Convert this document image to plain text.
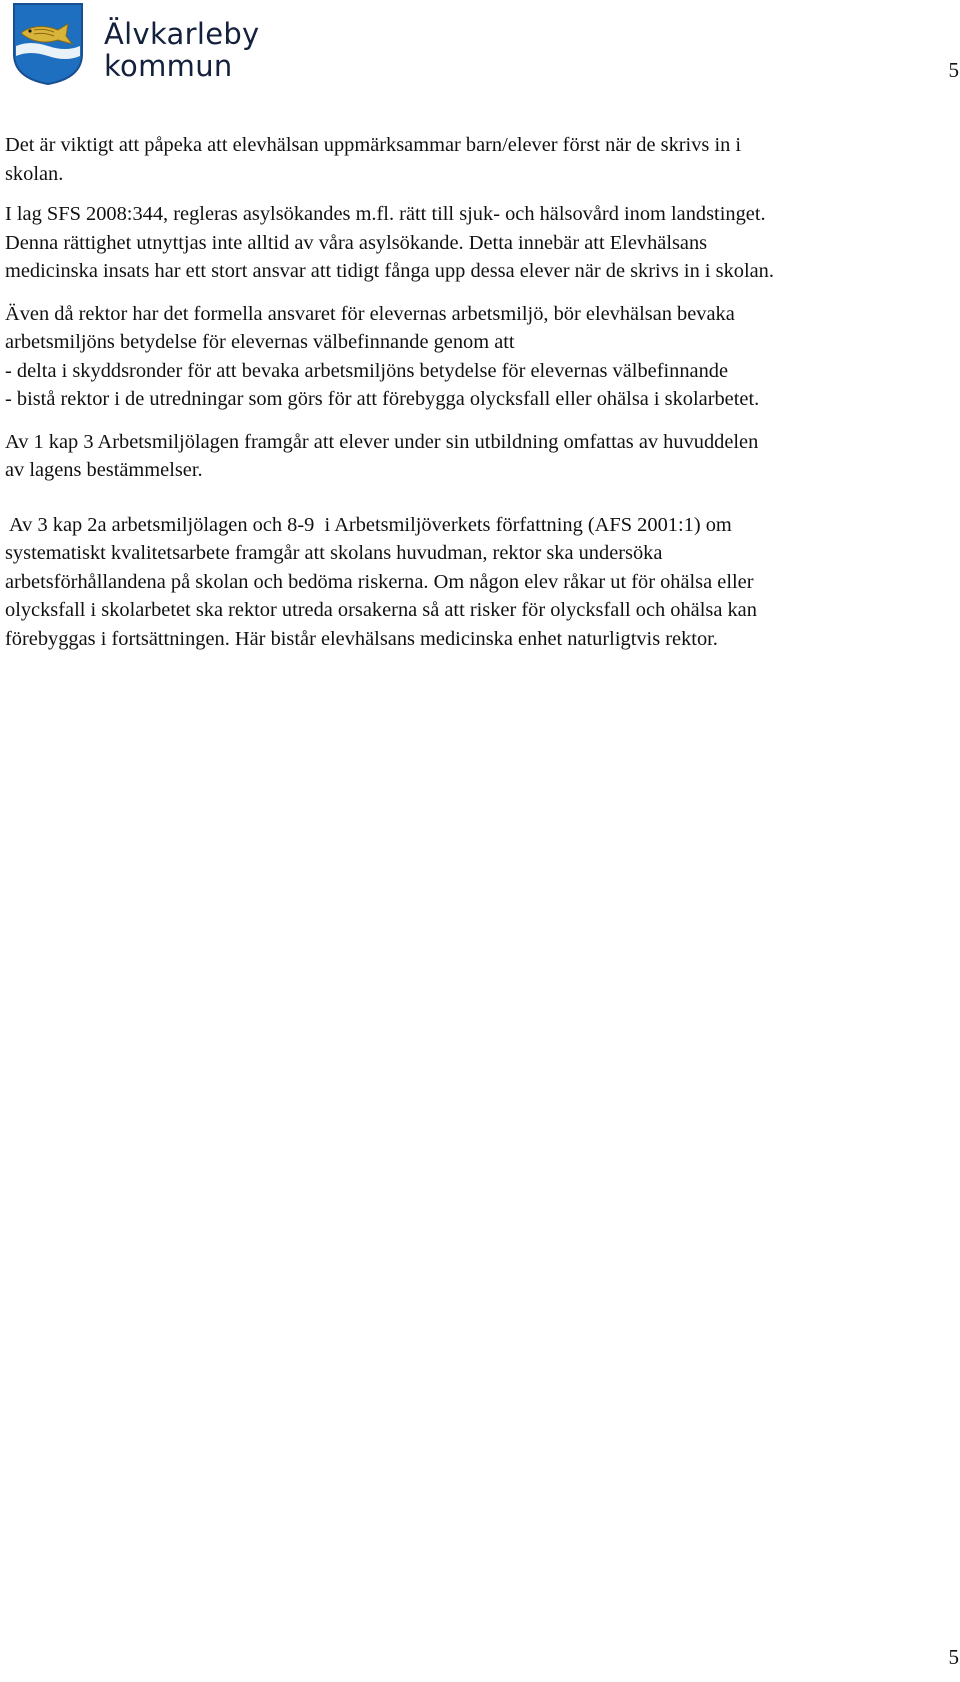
Älvkarleby
kommun	5

Det är viktigt att påpeka att elevhälsan uppmärksammar barn/elever först när de skrivs in i
skolan.

I lag SFS 2008:344, regleras asylsökandes m.fl. rätt till sjuk- och hälsovård inom landstinget.
Denna rättighet utnyttjas inte alltid av våra asylsökande. Detta innebär att Elevhälsans
medicinska insats har ett stort ansvar att tidigt fånga upp dessa elever när de skrivs in i skolan.

Även då rektor har det formella ansvaret för elevernas arbetsmiljö, bör elevhälsan bevaka
arbetsmiljöns betydelse för elevernas välbefinnande genom att
- delta i skyddsronder för att bevaka arbetsmiljöns betydelse för elevernas välbefinnande
- bistå rektor i de utredningar som görs för att förebygga olycksfall eller ohälsa i skolarbetet.

Av 1 kap 3 Arbetsmiljölagen framgår att elever under sin utbildning omfattas av huvuddelen
av lagens bestämmelser.

Av 3 kap 2a arbetsmiljölagen och 8-9  i Arbetsmiljöverkets författning (AFS 2001:1) om
systematiskt kvalitetsarbete framgår att skolans huvudman, rektor ska undersöka
arbetsförhållandena på skolan och bedöma riskerna. Om någon elev råkar ut för ohälsa eller
olycksfall i skolarbetet ska rektor utreda orsakerna så att risker för olycksfall och ohälsa kan
förebyggas i fortsättningen. Här bistår elevhälsans medicinska enhet naturligtvis rektor.

5
